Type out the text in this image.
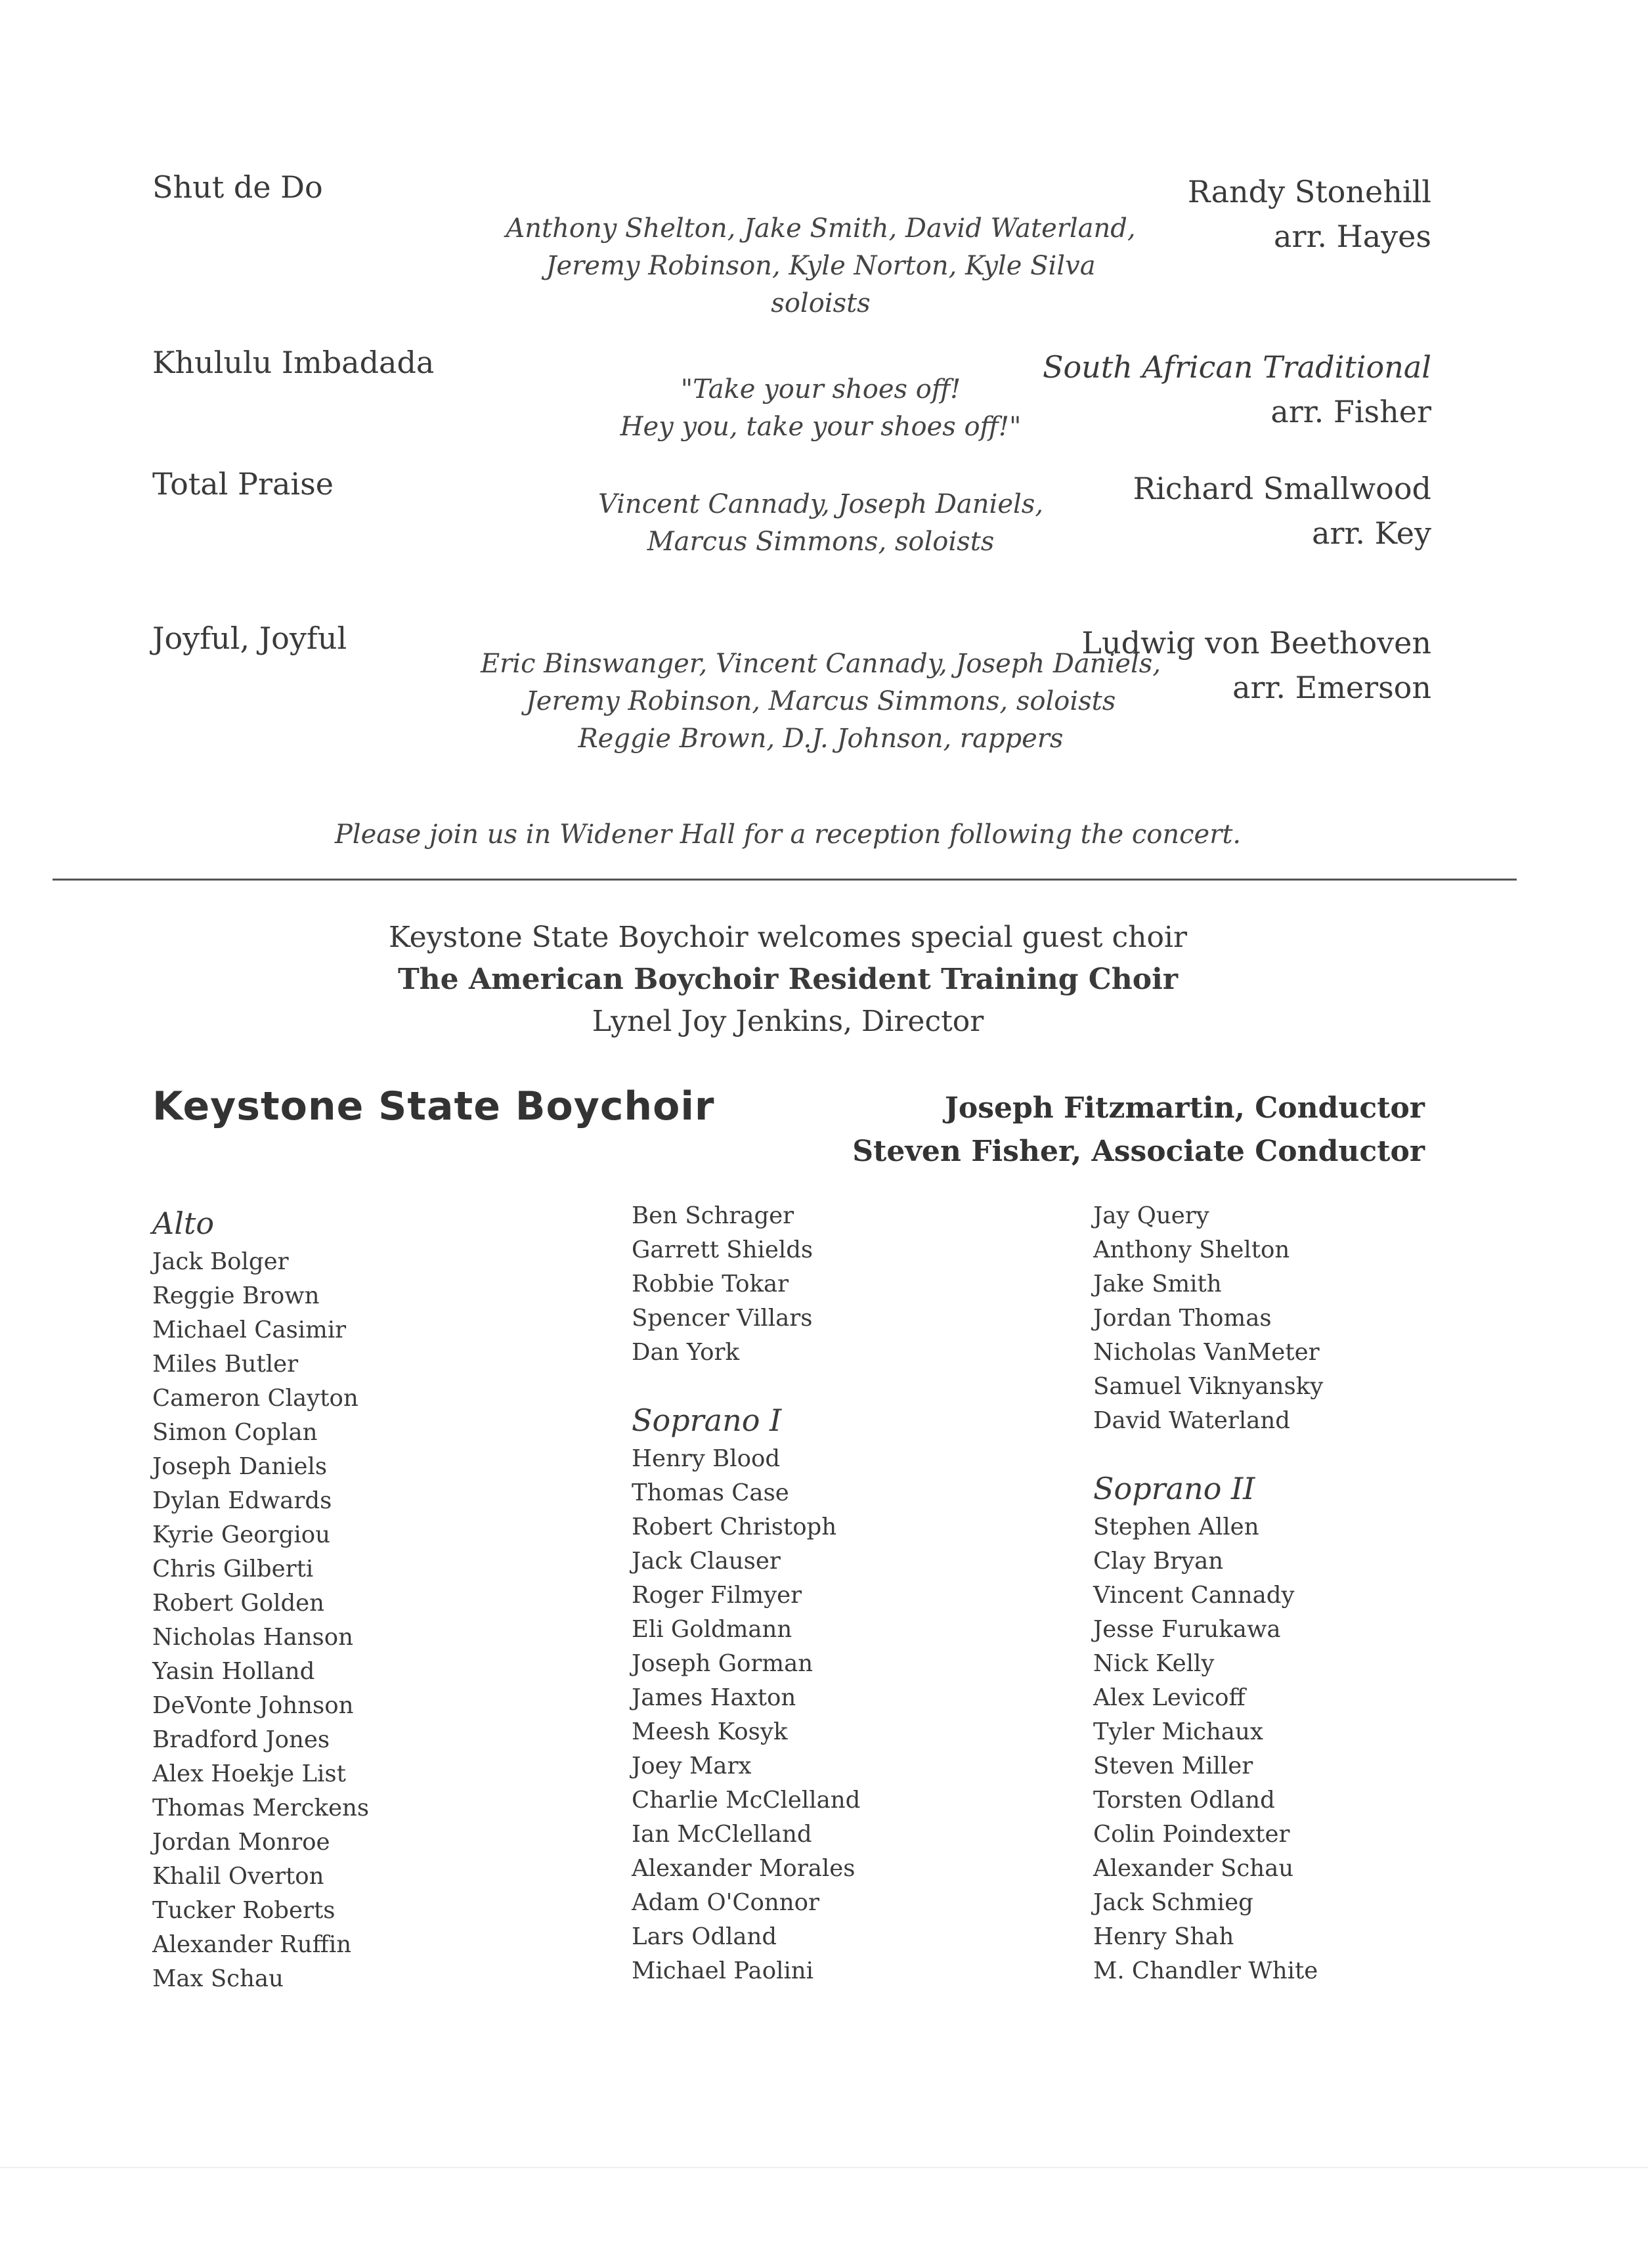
Shut de Do
Anthony Shelton, Jake Smith, David Waterland,
Jeremy Robinson, Kyle Norton, Kyle Silva
soloists
Randy Stonehill
arr. Hayes
Khululu Imbadada
"Take your shoes off!
Hey you, take your shoes off!"
South African Traditional
arr. Fisher
Total Praise
Vincent Cannady, Joseph Daniels,
Marcus Simmons, soloists
Richard Smallwood
arr. Key
Joyful, Joyful
Eric Binswanger, Vincent Cannady, Joseph Daniels,
Jeremy Robinson, Marcus Simmons, soloists
Reggie Brown, D.J. Johnson, rappers
Ludwig von Beethoven
arr. Emerson
Please join us in Widener Hall for a reception following the concert.
Keystone State Boychoir welcomes special guest choir
The American Boychoir Resident Training Choir
Lynel Joy Jenkins, Director
Keystone State Boychoir	Joseph Fitzmartin, Conductor
Steven Fisher, Associate Conductor
Alto
Jack Bolger
Reggie Brown
Michael Casimir
Miles Butler
Cameron Clayton
Simon Coplan
Joseph Daniels
Dylan Edwards
Kyrie Georgiou
Chris Gilberti
Robert Golden
Nicholas Hanson
Yasin Holland
DeVonte Johnson
Bradford Jones
Alex Hoekje List
Thomas Merckens
Jordan Monroe
Khalil Overton
Tucker Roberts
Alexander Ruffin
Max Schau
Ben Schrager
Garrett Shields
Robbie Tokar
Spencer Villars
Dan York
Soprano I
Henry Blood
Thomas Case
Robert Christoph
Jack Clauser
Roger Filmyer
Eli Goldmann
Joseph Gorman
James Haxton
Meesh Kosyk
Joey Marx
Charlie McClelland
Ian McClelland
Alexander Morales
Adam O'Connor
Lars Odland
Michael Paolini
Jay Query
Anthony Shelton
Jake Smith
Jordan Thomas
Nicholas VanMeter
Samuel Viknyansky
David Waterland
Soprano II
Stephen Allen
Clay Bryan
Vincent Cannady
Jesse Furukawa
Nick Kelly
Alex Levicoff
Tyler Michaux
Steven Miller
Torsten Odland
Colin Poindexter
Alexander Schau
Jack Schmieg
Henry Shah
M. Chandler White
